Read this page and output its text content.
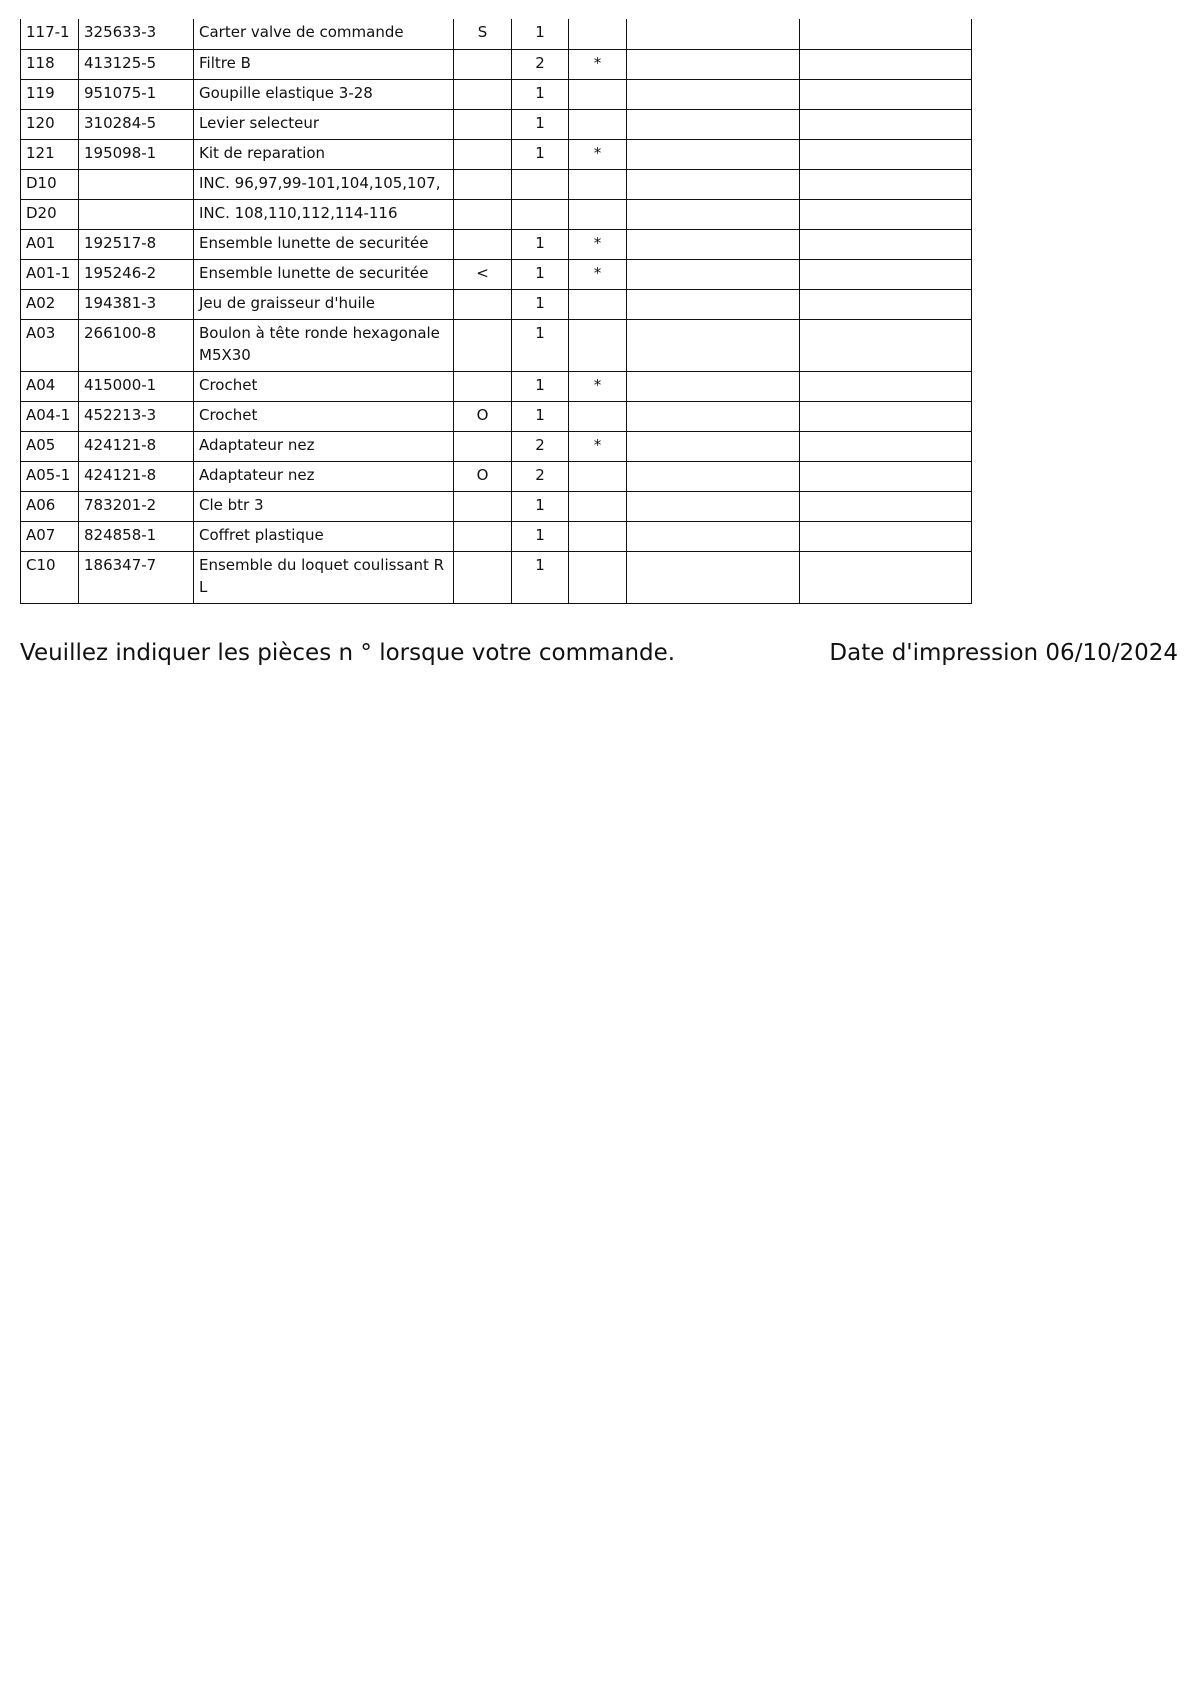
117-1	325633-3	Carter valve de commande	S	1			
118	413125-5	Filtre B		2	*		
119	951075-1	Goupille elastique 3-28		1			
120	310284-5	Levier selecteur		1			
121	195098-1	Kit de reparation		1	*		
D10		INC. 96,97,99-101,104,105,107,					
D20		INC. 108,110,112,114-116					
A01	192517-8	Ensemble lunette de securitée		1	*		
A01-1	195246-2	Ensemble lunette de securitée	<	1	*		
A02	194381-3	Jeu de graisseur d'huile		1			
A03	266100-8	Boulon à tête ronde hexagonale M5X30		1			
A04	415000-1	Crochet		1	*		
A04-1	452213-3	Crochet	O	1			
A05	424121-8	Adaptateur nez		2	*		
A05-1	424121-8	Adaptateur nez	O	2			
A06	783201-2	Cle btr 3		1			
A07	824858-1	Coffret plastique		1			
C10	186347-7	Ensemble du loquet coulissant R L		1			
Veuillez indiquer les pièces n ° lorsque votre commande.	Date d'impression 06/10/2024
